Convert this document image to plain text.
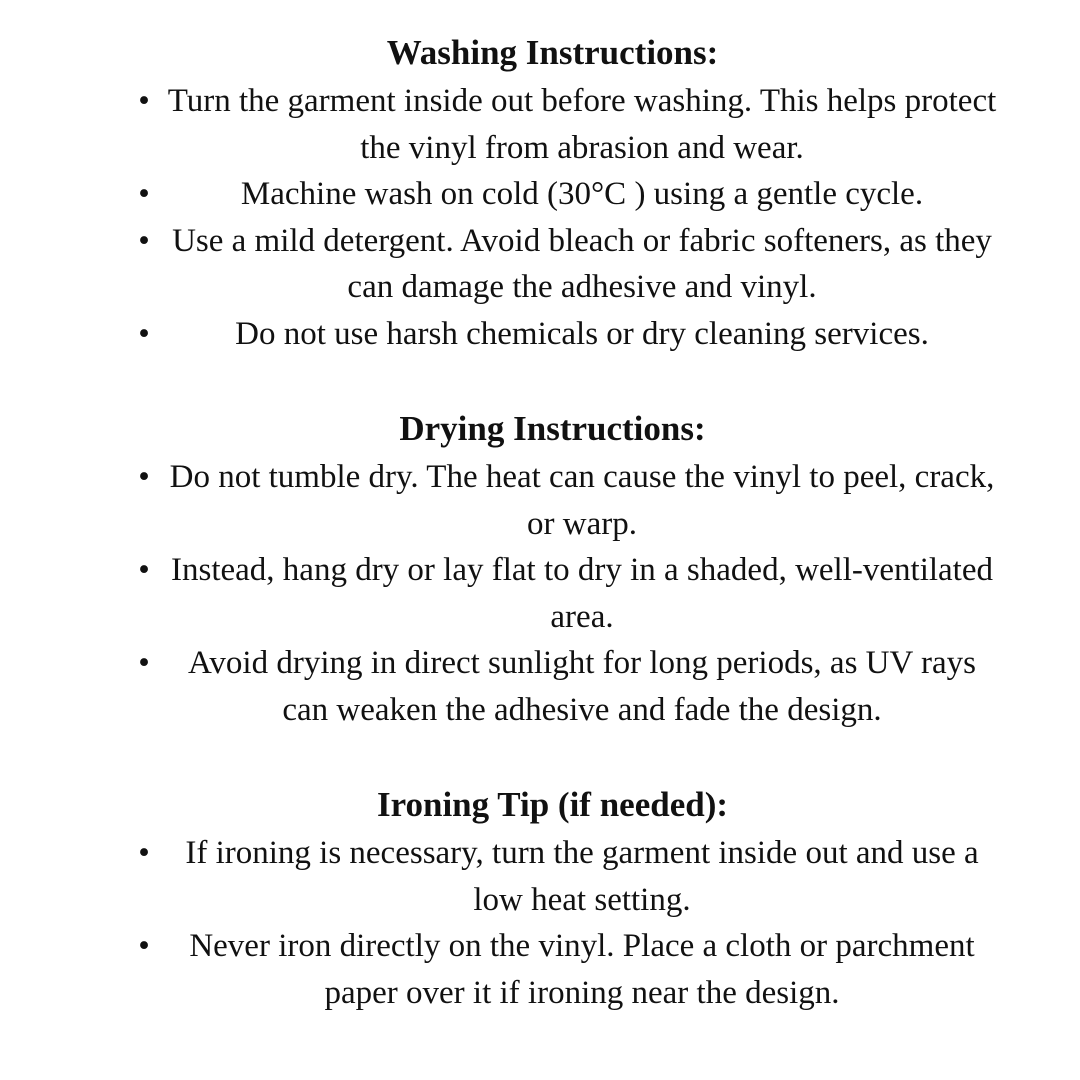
Washing Instructions:
• Turn the garment inside out before washing. This helps protect the vinyl from abrasion and wear.
•	Machine wash on cold (30°C ) using a gentle cycle.
• Use a mild detergent. Avoid bleach or fabric softeners, as they can damage the adhesive and vinyl.
•	Do not use harsh chemicals or dry cleaning services.
Drying Instructions:
• Do not tumble dry. The heat can cause the vinyl to peel, crack, or warp.
• Instead, hang dry or lay flat to dry in a shaded, well-ventilated area.
•	Avoid drying in direct sunlight for long periods, as UV rays can weaken the adhesive and fade the design.
Ironing Tip (if needed):
•	If ironing is necessary, turn the garment inside out and use a low heat setting.
•	Never iron directly on the vinyl. Place a cloth or parchment paper over it if ironing near the design.
